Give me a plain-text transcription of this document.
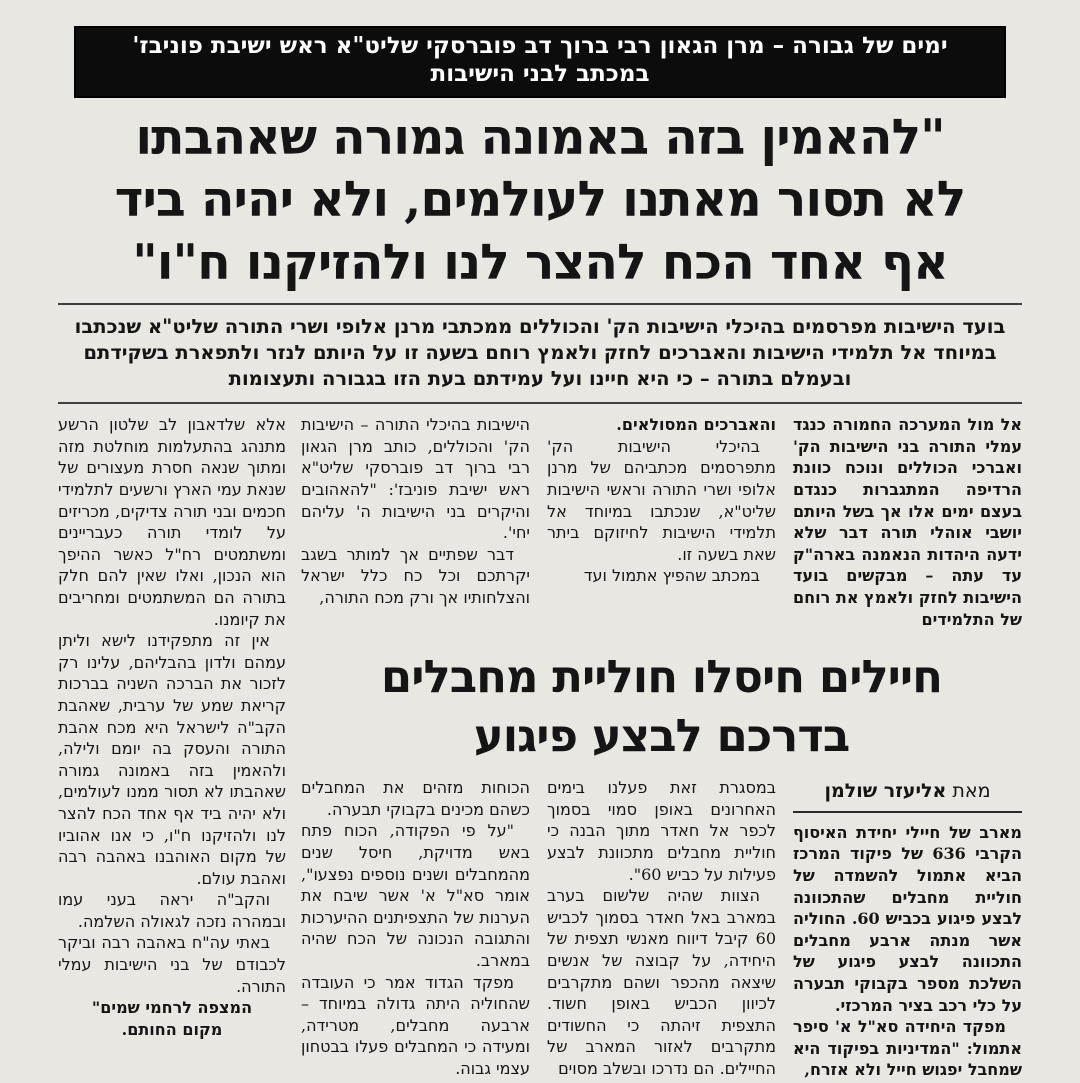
ימים של גבורה – מרן הגאון רבי ברוך דב פוברסקי שליט"א ראש ישיבת פוניבז'
במכתב לבני הישיבות
"להאמין בזה באמונה גמורה שאהבתו
לא תסור מאתנו לעולמים, ולא יהיה ביד
אף אחד הכח להצר לנו ולהזיקנו ח"ו"
בועד הישיבות מפרסמים בהיכלי הישיבות הק' והכוללים ממכתבי מרנן אלופי ושרי התורה שליט"א שנכתבו במיוחד אל תלמידי הישיבות והאברכים לחזק ולאמץ רוחם בשעה זו על היותם לנזר ולתפארת בשקידתם ובעמלם בתורה – כי היא חיינו ועל עמידתם בעת הזו בגבורה ותעצומות

אל מול המערכה החמורה כנגד עמלי התורה בני הישיבות הק' ואברכי הכוללים ונוכח כוונת הרדיפה המתגברות כנגדם בעצם ימים אלו אך בשל היותם יושבי אוהלי תורה דבר שלא ידעה היהדות הנאמנה בארה"ק עד עתה – מבקשים בועד הישיבות לחזק ולאמץ את רוחם של התלמידים

והאברכים המסולאים.

בהיכלי הישיבות הק' מתפרסמים מכתביהם של מרנן אלופי ושרי התורה וראשי הישיבות שליט"א, שנכתבו במיוחד אל תלמידי הישיבות לחיזוקם ביתר שאת בשעה זו.

במכתב שהפיץ אתמול ועד

הישיבות בהיכלי התורה – הישיבות הק' והכוללים, כותב מרן הגאון רבי ברוך דב פוברסקי שליט"א ראש ישיבת פוניבז': "להאהובים והיקרים בני הישיבות ה' עליהם יחי'.

דבר שפתיים אך למותר בשגב יקרתכם וכל כח כלל ישראל והצלחותיו אך ורק מכח התורה,

חיילים חיסלו חוליית מחבלים
בדרכם לבצע פיגוע
מאת אליעזר שולמן

מארב של חיילי יחידת האיסוף הקרבי 636 של פיקוד המרכז הביא אתמול להשמדה של חוליית מחבלים שהתכוונה לבצע פיגוע בכביש 60. החוליה אשר מנתה ארבע מחבלים התכוונה לבצע פיגוע של השלכת מספר בקבוקי תבערה על כלי רכב בציר המרכזי.

מפקד היחידה סא"ל א' סיפר אתמול: "המדיניות בפיקוד היא שמחבל יפגוש חייל ולא אזרח,

במסגרת זאת פעלנו בימים האחרונים באופן סמוי בסמוך לכפר אל חאדר מתוך הבנה כי חוליית מחבלים מתכוונת לבצע פעילות על כביש 60".

הצוות שהיה שלשום בערב במארב באל חאדר בסמוך לכביש 60 קיבל דיווח מאנשי תצפית של היחידה, על קבוצה של אנשים שיצאה מהכפר ושהם מתקרבים לכיוון הכביש באופן חשוד. התצפית זיהתה כי החשודים מתקרבים לאזור המארב של החיילים. הם נדרכו ובשלב מסוים

הכוחות מזהים את המחבלים כשהם מכינים בקבוקי תבערה.

"על פי הפקודה, הכוח פתח באש מדויקת, חיסל שנים מהמחבלים ושנים נוספים נפצעו", אומר סא"ל א' אשר שיבח את הערנות של התצפיתנים ההיערכות והתגובה הנכונה של הכח שהיה במארב.

מפקד הגדוד אמר כי העובדה שהחוליה היתה גדולה במיוחד – ארבעה מחבלים, מטרידה, ומעידה כי המחבלים פעלו בבטחון עצמי גבוה.

אלא שלדאבון לב שלטון הרשע מתנהג בהתעלמות מוחלטת מזה ומתוך שנאה חסרת מעצורים של שנאת עמי הארץ ורשעים לתלמידי חכמים ובני תורה צדיקים, מכריזים על לומדי תורה כעבריינים ומשתמטים רח"ל כאשר ההיפך הוא הנכון, ואלו שאין להם חלק בתורה הם המשתמטים ומחריבים את קיומנו.

אין זה מתפקידנו לישא וליתן עמהם ולדון בהבליהם, עלינו רק לזכור את הברכה השניה בברכות קריאת שמע של ערבית, שאהבת הקב"ה לישראל היא מכח אהבת התורה והעסק בה יומם ולילה, ולהאמין בזה באמונה גמורה שאהבתו לא תסור ממנו לעולמים, ולא יהיה ביד אף אחד הכח להצר לנו ולהזיקנו ח"ו, כי אנו אהוביו של מקום האוהבנו באהבה רבה ואהבת עולם.

והקב"ה יראה בעני עמו ובמהרה נזכה לגאולה השלמה.

באתי עה"ח באהבה רבה וביקר לכבודם של בני הישיבות עמלי התורה.

המצפה לרחמי שמים"

מקום החותם.
